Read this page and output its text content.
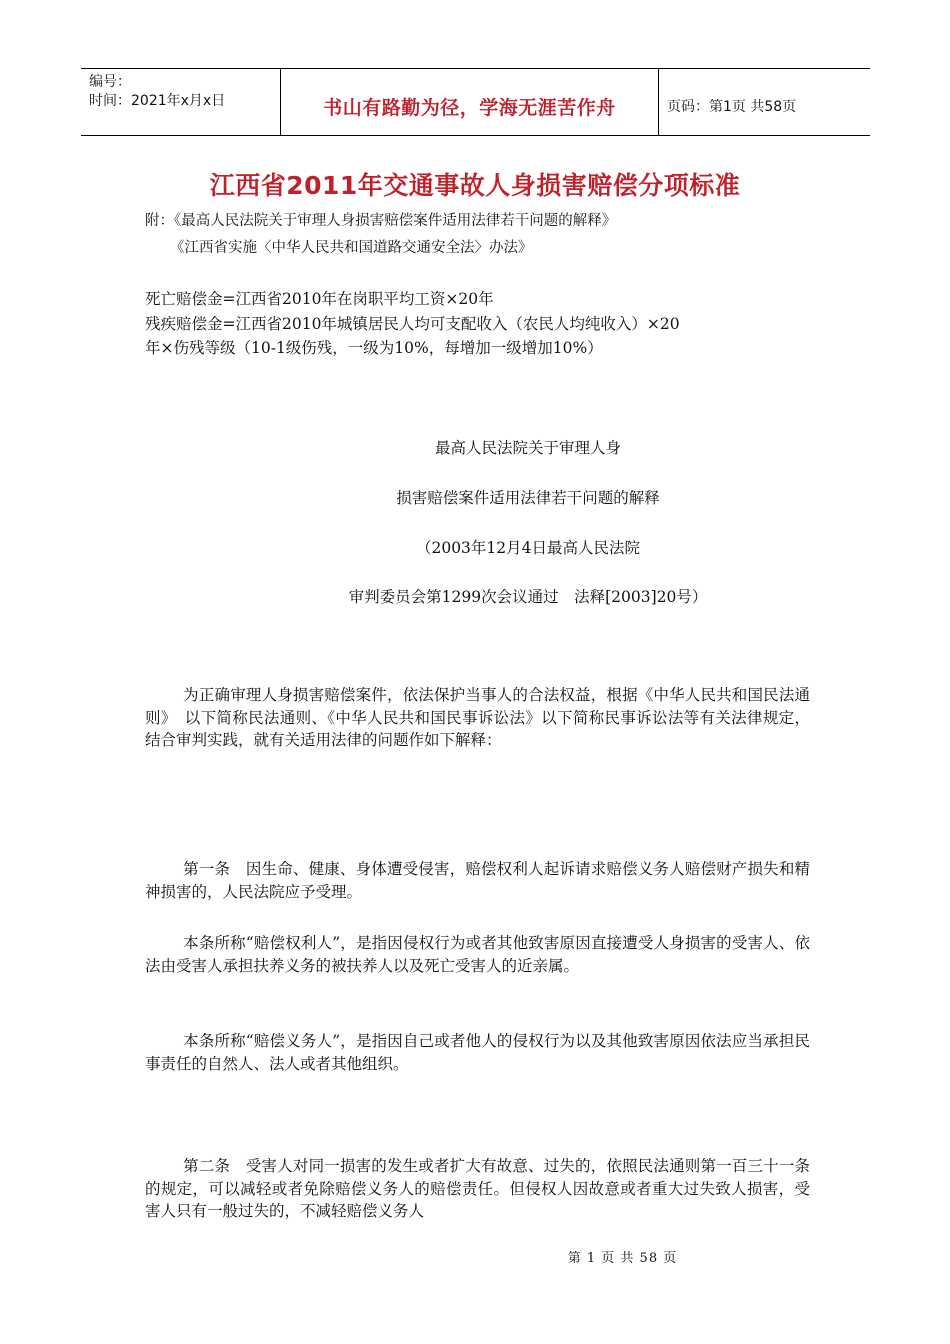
编号：
时间：2021年x月x日	书山有路勤为径，学海无涯苦作舟	页码：第1页 共58页
江西省2011年交通事故人身损害赔偿分项标准
附：《最高人民法院关于审理人身损害赔偿案件适用法律若干问题的解释》
《江西省实施〈中华人民共和国道路交通安全法〉办法》
死亡赔偿金=江西省2010年在岗职平均工资×20年
残疾赔偿金=江西省2010年城镇居民人均可支配收入（农民人均纯收入）×20
年×伤残等级（10-1级伤残，一级为10%，每增加一级增加10%）
最高人民法院关于审理人身
损害赔偿案件适用法律若干问题的解释
（2003年12月4日最高人民法院
审判委员会第1299次会议通过　法释[2003]20号）
为正确审理人身损害赔偿案件，依法保护当事人的合法权益，根据《中华人民共和国民法通则》　以下简称民法通则、《中华人民共和国民事诉讼法》以下简称民事诉讼法等有关法律规定，结合审判实践，就有关适用法律的问题作如下解释：
第一条　因生命、健康、身体遭受侵害，赔偿权利人起诉请求赔偿义务人赔偿财产损失和精神损害的，人民法院应予受理。
本条所称“赔偿权利人”，是指因侵权行为或者其他致害原因直接遭受人身损害的受害人、依法由受害人承担扶养义务的被扶养人以及死亡受害人的近亲属。
本条所称“赔偿义务人”，是指因自己或者他人的侵权行为以及其他致害原因依法应当承担民事责任的自然人、法人或者其他组织。
第二条　受害人对同一损害的发生或者扩大有故意、过失的，依照民法通则第一百三十一条的规定，可以减轻或者免除赔偿义务人的赔偿责任。但侵权人因故意或者重大过失致人损害，受害人只有一般过失的，不减轻赔偿义务人
第 1 页 共 58 页
